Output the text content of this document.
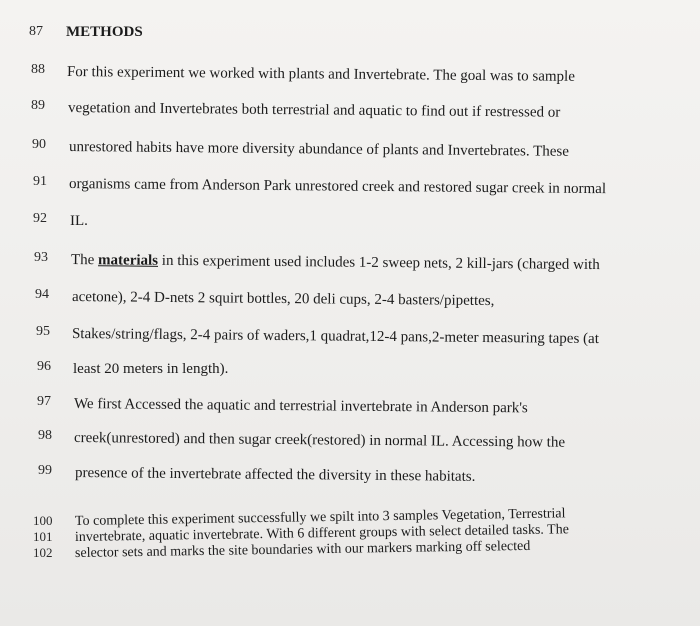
87 METHODS
88 For this experiment we worked with plants and Invertebrate. The goal was to sample
89 vegetation and Invertebrates both terrestrial and aquatic to find out if restressed or
90 unrestored habits have more diversity abundance of plants and Invertebrates. These
91 organisms came from Anderson Park unrestored creek and restored sugar creek in normal
92 IL.
93 The materials in this experiment used includes 1-2 sweep nets, 2 kill-jars (charged with
94 acetone), 2-4 D-nets 2 squirt bottles, 20 deli cups, 2-4 basters/pipettes,
95 Stakes/string/flags, 2-4 pairs of waders,1 quadrat,12-4 pans,2-meter measuring tapes (at
96 least 20 meters in length).
97 We first Accessed the aquatic and terrestrial invertebrate in Anderson park's
98 creek(unrestored) and then sugar creek(restored) in normal IL. Accessing how the
99 presence of the invertebrate affected the diversity in these habitats.
100 To complete this experiment successfully we spilt into 3 samples Vegetation, Terrestrial
101 invertebrate, aquatic invertebrate. With 6 different groups with select detailed tasks. The
102 selector sets and marks the site boundaries with our markers marking off selected
